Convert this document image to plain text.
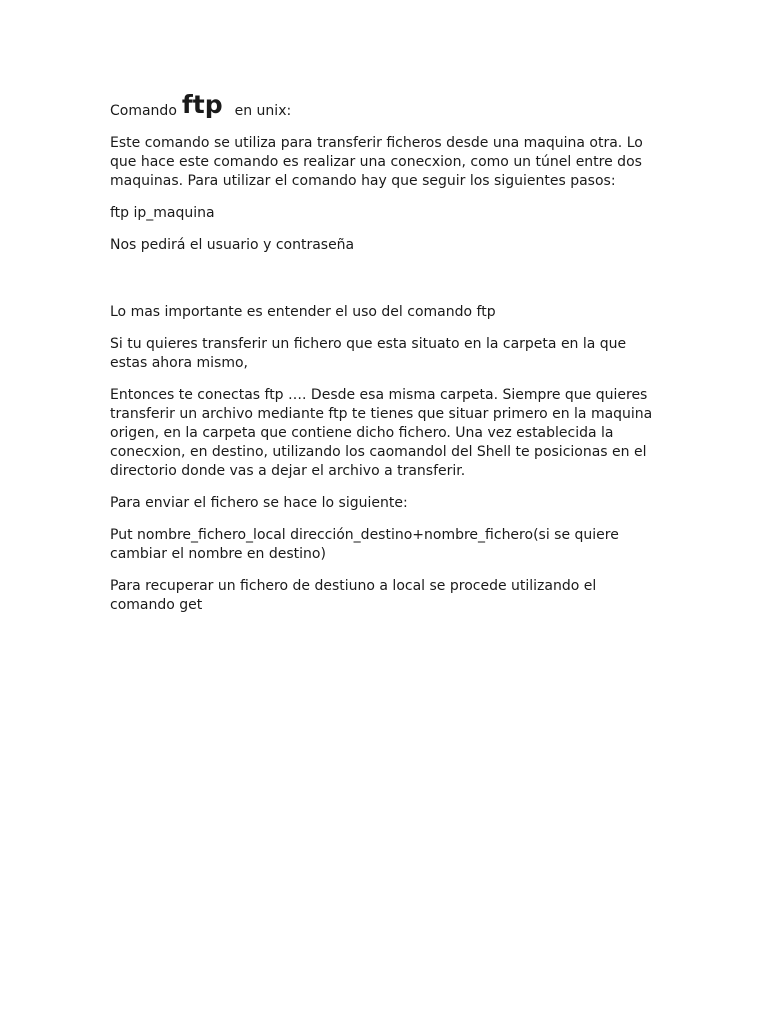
Comando ftp en unix:

Este comando se utiliza para transferir ficheros desde una maquina otra. Lo que hace este comando es realizar una conecxion, como un túnel entre dos maquinas. Para utilizar el comando hay que seguir los siguientes pasos:

ftp ip_maquina

Nos pedirá el usuario y contraseña

Lo mas importante es entender el uso del comando ftp

Si tu quieres transferir un fichero que esta situato en la carpeta en la que estas ahora mismo,

Entonces te conectas ftp …. Desde esa misma carpeta. Siempre que quieres transferir un archivo mediante ftp te tienes que situar primero en la maquina origen, en la carpeta que contiene dicho fichero. Una vez establecida la conecxion, en destino, utilizando los caomandol del Shell te posicionas en el directorio donde vas a dejar el archivo a transferir.

Para enviar el fichero se hace lo siguiente:

Put nombre_fichero_local dirección_destino+nombre_fichero(si se quiere cambiar el nombre en destino)

Para recuperar un fichero de destiuno a local se procede utilizando el comando get
